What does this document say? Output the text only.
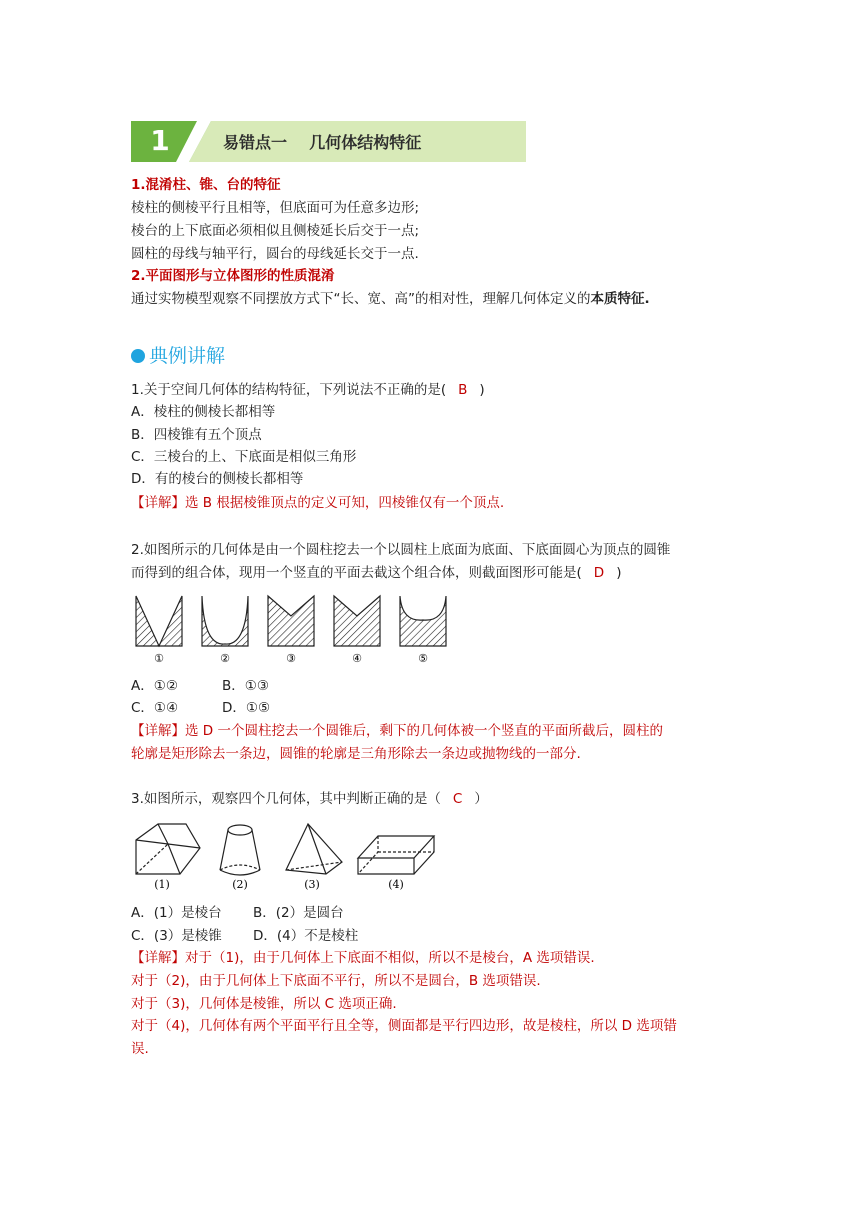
1	易错点一    几何体结构特征
1.混淆柱、锥、台的特征
棱柱的侧棱平行且相等，但底面可为任意多边形;
棱台的上下底面必须相似且侧棱延长后交于一点;
圆柱的母线与轴平行，圆台的母线延长交于一点.
2.平面图形与立体图形的性质混淆
通过实物模型观察不同摆放方式下“长、宽、高”的相对性，理解几何体定义的本质特征.
典例讲解
1.关于空间几何体的结构特征，下列说法不正确的是( B )
A．棱柱的侧棱长都相等
B．四棱锥有五个顶点
C．三棱台的上、下底面是相似三角形
D．有的棱台的侧棱长都相等
【详解】选 B 根据棱锥顶点的定义可知，四棱锥仅有一个顶点.
2.如图所示的几何体是由一个圆柱挖去一个以圆柱上底面为底面、下底面圆心为顶点的圆锥
而得到的组合体，现用一个竖直的平面去截这个组合体，则截面图形可能是( D )
①	②	③	④	⑤
A．①②	B．①③
C．①④	D．①⑤
【详解】选 D 一个圆柱挖去一个圆锥后，剩下的几何体被一个竖直的平面所截后，圆柱的
轮廓是矩形除去一条边，圆锥的轮廓是三角形除去一条边或抛物线的一部分.
3.如图所示，观察四个几何体，其中判断正确的是（ C ）
(1)	(2)	(3)	(4)
A．(1）是棱台 B．(2）是圆台
C．(3）是棱锥 D．(4）不是棱柱
【详解】对于（1)，由于几何体上下底面不相似，所以不是棱台，A 选项错误.
对于（2)，由于几何体上下底面不平行，所以不是圆台，B 选项错误.
对于（3)，几何体是棱锥，所以 C 选项正确.
对于（4)，几何体有两个平面平行且全等，侧面都是平行四边形，故是棱柱，所以 D 选项错
误.
